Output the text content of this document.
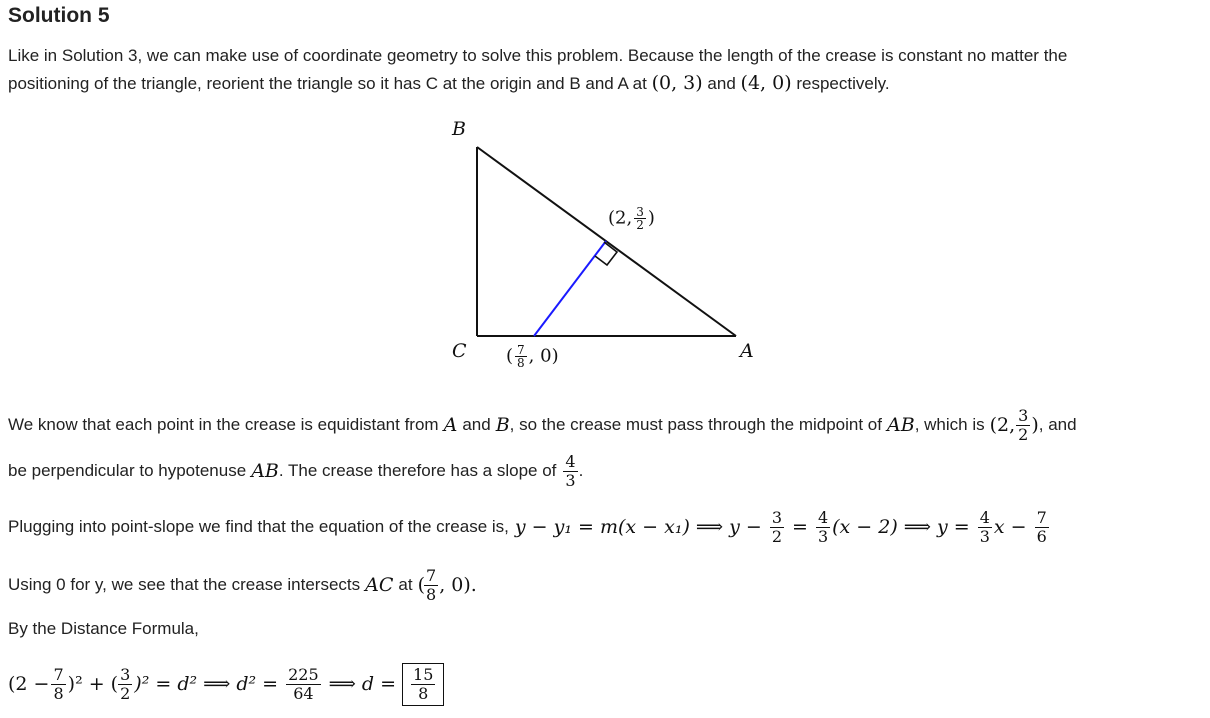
Solution 5
Like in Solution 3, we can make use of coordinate geometry to solve this problem. Because the length of the crease is constant no matter the
positioning of the triangle, reorient the triangle so it has C at the origin and B and A at (0, 3) and (4, 0) respectively.
B
C	A
(2, $\frac{3}{2}$ )
( $\frac{7}{8}$ , 0)
We know that each point in the crease is equidistant from A and B , so the crease must pass through the midpoint of AB , which is (2, $\frac{3}{2}$ ) , and
be perpendicular to hypotenuse AB . The crease therefore has a slope of $\frac{4}{3}$ .
Plugging into point-slope we find that the equation of the crease is, y − y₁ = m(x − x₁) ⟹ $y - \frac{3}{2} = \frac{4}{3} (x - 2)$ ⟹ $y = \frac{4}{3}$ $x - \frac{7}{6}$
Using 0 for y, we see that the crease intersects AC at ( $\frac{7}{8}$ , 0).
By the Distance Formula,
$(2 - \frac{7}{8} )^2$ + ( $\frac{3}{2} )^2 = d^2$ ⟹ $d^2 = \frac{225}{64}$ ⟹ $d = \frac{15}{8}$
